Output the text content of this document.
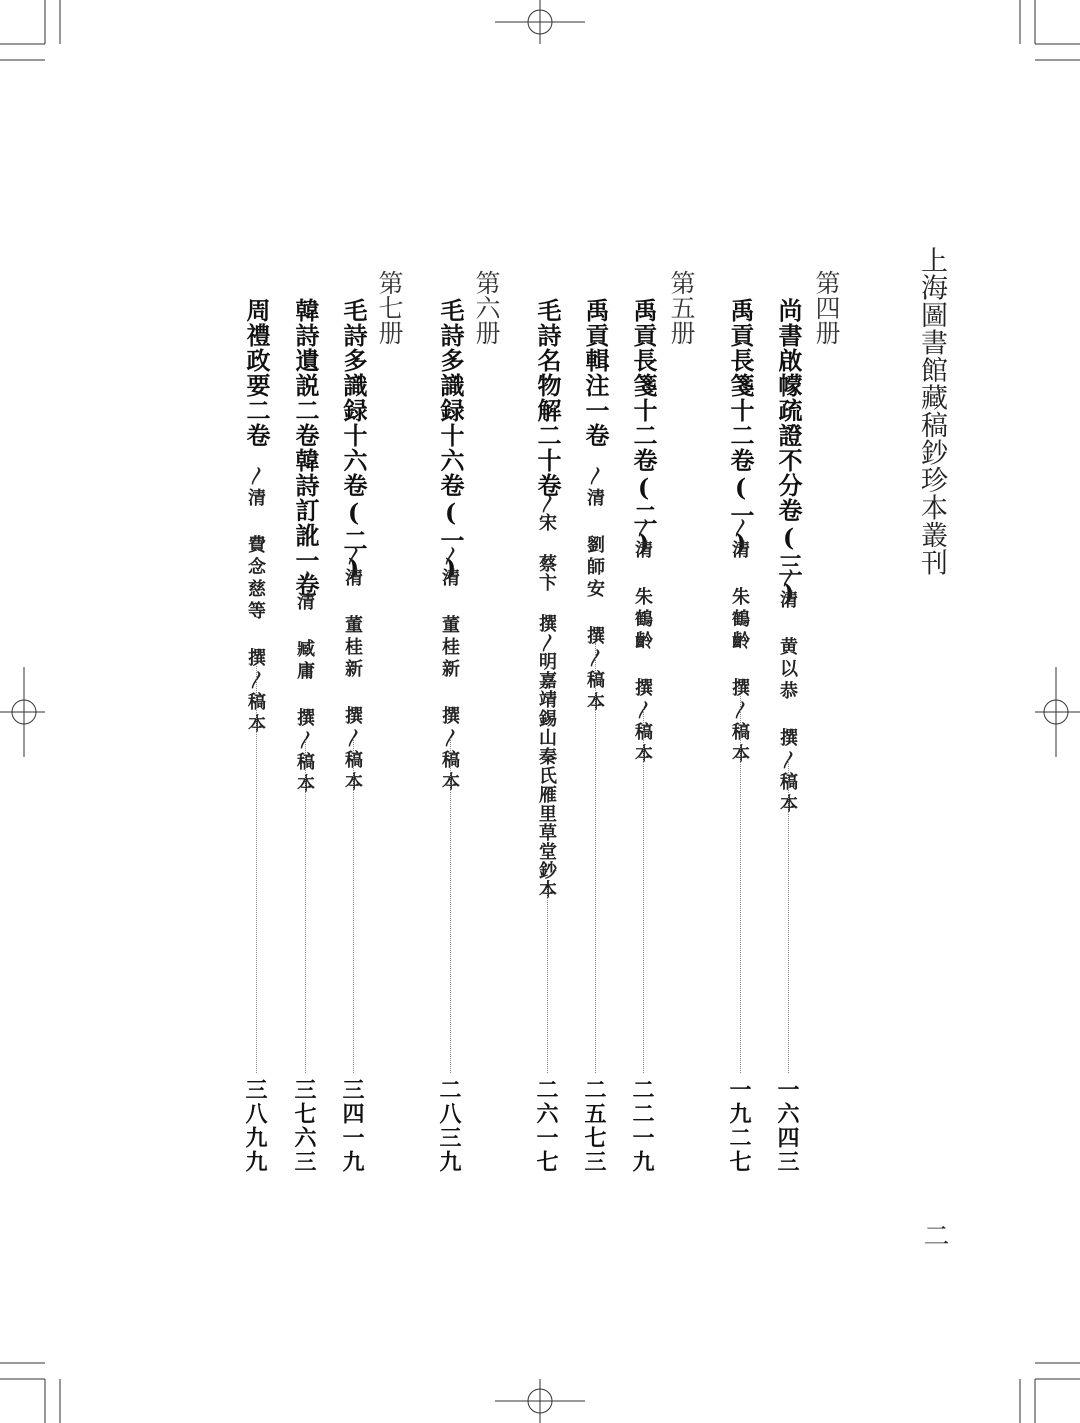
上海圖書館藏稿鈔珍本叢刊
二
第四册
第五册
第六册
第七册	尚書啟幪疏證不分卷(三)
〳清 黄以恭 撰〳稿本
一六四三
禹貢長箋十二卷(一)
〳清 朱鶴齡 撰〳稿本
一九二七
禹貢長箋十二卷(二)
〳清 朱鶴齡 撰〳稿本
二二一九
禹貢輯注一卷
〳清 劉師安 撰〳稿本
二五七三
毛詩名物解二十卷
〳宋 蔡卞 撰〳明嘉靖錫山秦氏雁里草堂鈔本
二六一七
毛詩多識録十六卷(一)
〳清 董桂新 撰〳稿本
二八三九
毛詩多識録十六卷(二)
〳清 董桂新 撰〳稿本
三四一九
韓詩遺説二卷韓詩訂訛一卷
〳清 臧庸 撰〳稿本
三七六三
周禮政要二卷
〳清 費念慈等 撰〳稿本
三八九九
